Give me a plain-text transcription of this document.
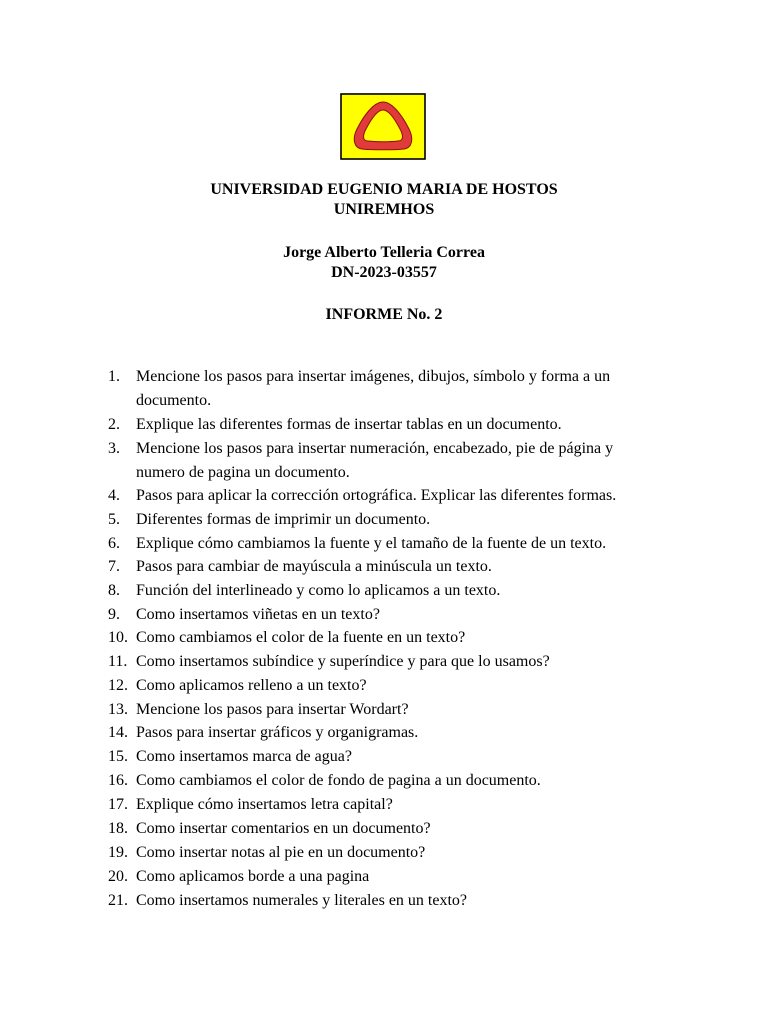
UNIVERSIDAD EUGENIO MARIA DE HOSTOS
UNIREMHOS
Jorge Alberto Telleria Correa
DN-2023-03557
INFORME No. 2
1. Mencione los pasos para insertar imágenes, dibujos, símbolo y forma a un
documento.
2. Explique las diferentes formas de insertar tablas en un documento.
3. Mencione los pasos para insertar numeración, encabezado, pie de página y
numero de pagina un documento.
4. Pasos para aplicar la corrección ortográfica. Explicar las diferentes formas.
5. Diferentes formas de imprimir un documento.
6. Explique cómo cambiamos la fuente y el tamaño de la fuente de un texto.
7. Pasos para cambiar de mayúscula a minúscula un texto.
8. Función del interlineado y como lo aplicamos a un texto.
9. Como insertamos viñetas en un texto?
10. Como cambiamos el color de la fuente en un texto?
11. Como insertamos subíndice y superíndice y para que lo usamos?
12. Como aplicamos relleno a un texto?
13. Mencione los pasos para insertar Wordart?
14. Pasos para insertar gráficos y organigramas.
15. Como insertamos marca de agua?
16. Como cambiamos el color de fondo de pagina a un documento.
17. Explique cómo insertamos letra capital?
18. Como insertar comentarios en un documento?
19. Como insertar notas al pie en un documento?
20. Como aplicamos borde a una pagina
21. Como insertamos numerales y literales en un texto?
